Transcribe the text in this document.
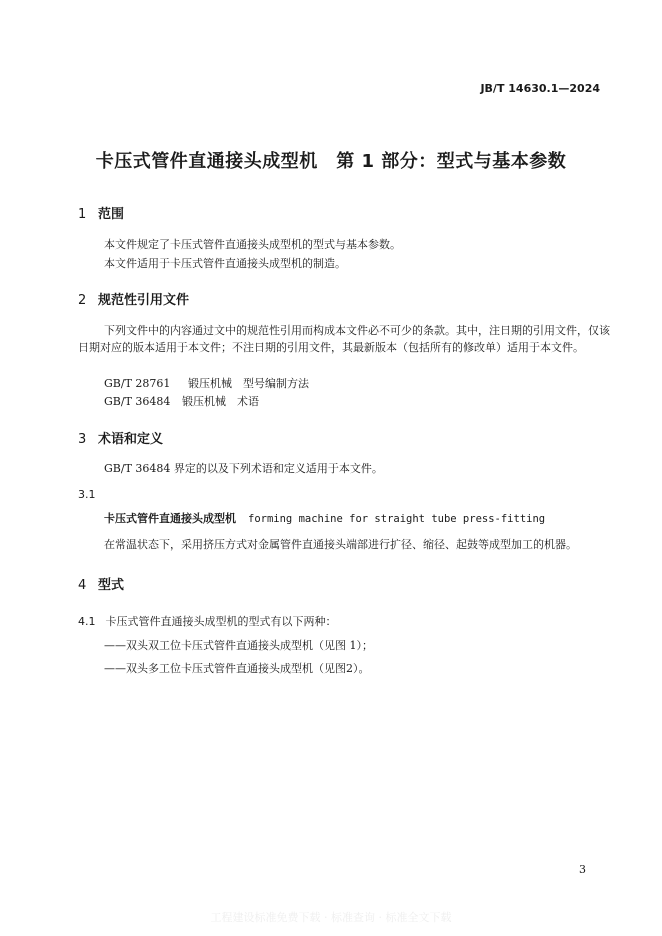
JB/T 14630.1—2024
卡压式管件直通接头成型机　第 1 部分：型式与基本参数
1 范围
本文件规定了卡压式管件直通接头成型机的型式与基本参数。
本文件适用于卡压式管件直通接头成型机的制造。
2 规范性引用文件
下列文件中的内容通过文中的规范性引用而构成本文件必不可少的条款。其中，注日期的引用文件，仅该日期对应的版本适用于本文件；不注日期的引用文件，其最新版本（包括所有的修改单）适用于本文件。
GB/T 28761 锻压机械　型号编制方法
GB/T 36484 锻压机械　术语
3 术语和定义
GB/T 36484 界定的以及下列术语和定义适用于本文件。
3.1
卡压式管件直通接头成型机 forming machine for straight tube press-fitting
在常温状态下，采用挤压方式对金属管件直通接头端部进行扩径、缩径、起鼓等成型加工的机器。
4 型式
4.1 卡压式管件直通接头成型机的型式有以下两种：
——双头双工位卡压式管件直通接头成型机（见图 1）；
——双头多工位卡压式管件直通接头成型机（见图2）。
3
工程建设标准免费下载 · 标准查询 · 标准全文下载
